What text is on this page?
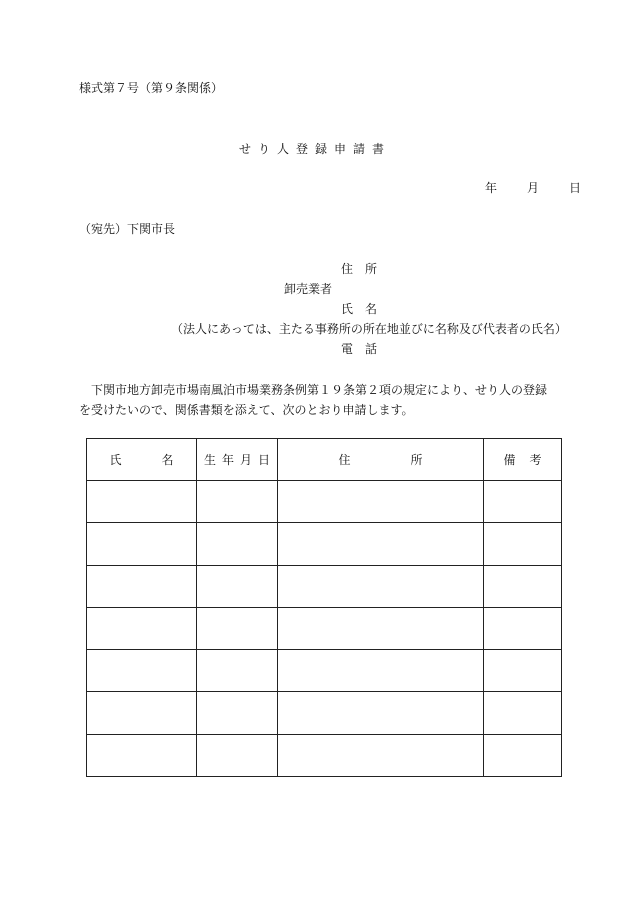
様式第７号（第９条関係）
せり人登録申請書
年	月	日
（宛先）下関市長
住所
卸売業者
氏名
（法人にあっては、主たる事務所の所在地並びに名称及び代表者の氏名）
電話
下関市地方卸売市場南風泊市場業務条例第１９条第２項の規定により、せり人の登録を受けたいので、関係書類を添えて、次のとおり申請します。
氏名	生年月日	住所	備考
